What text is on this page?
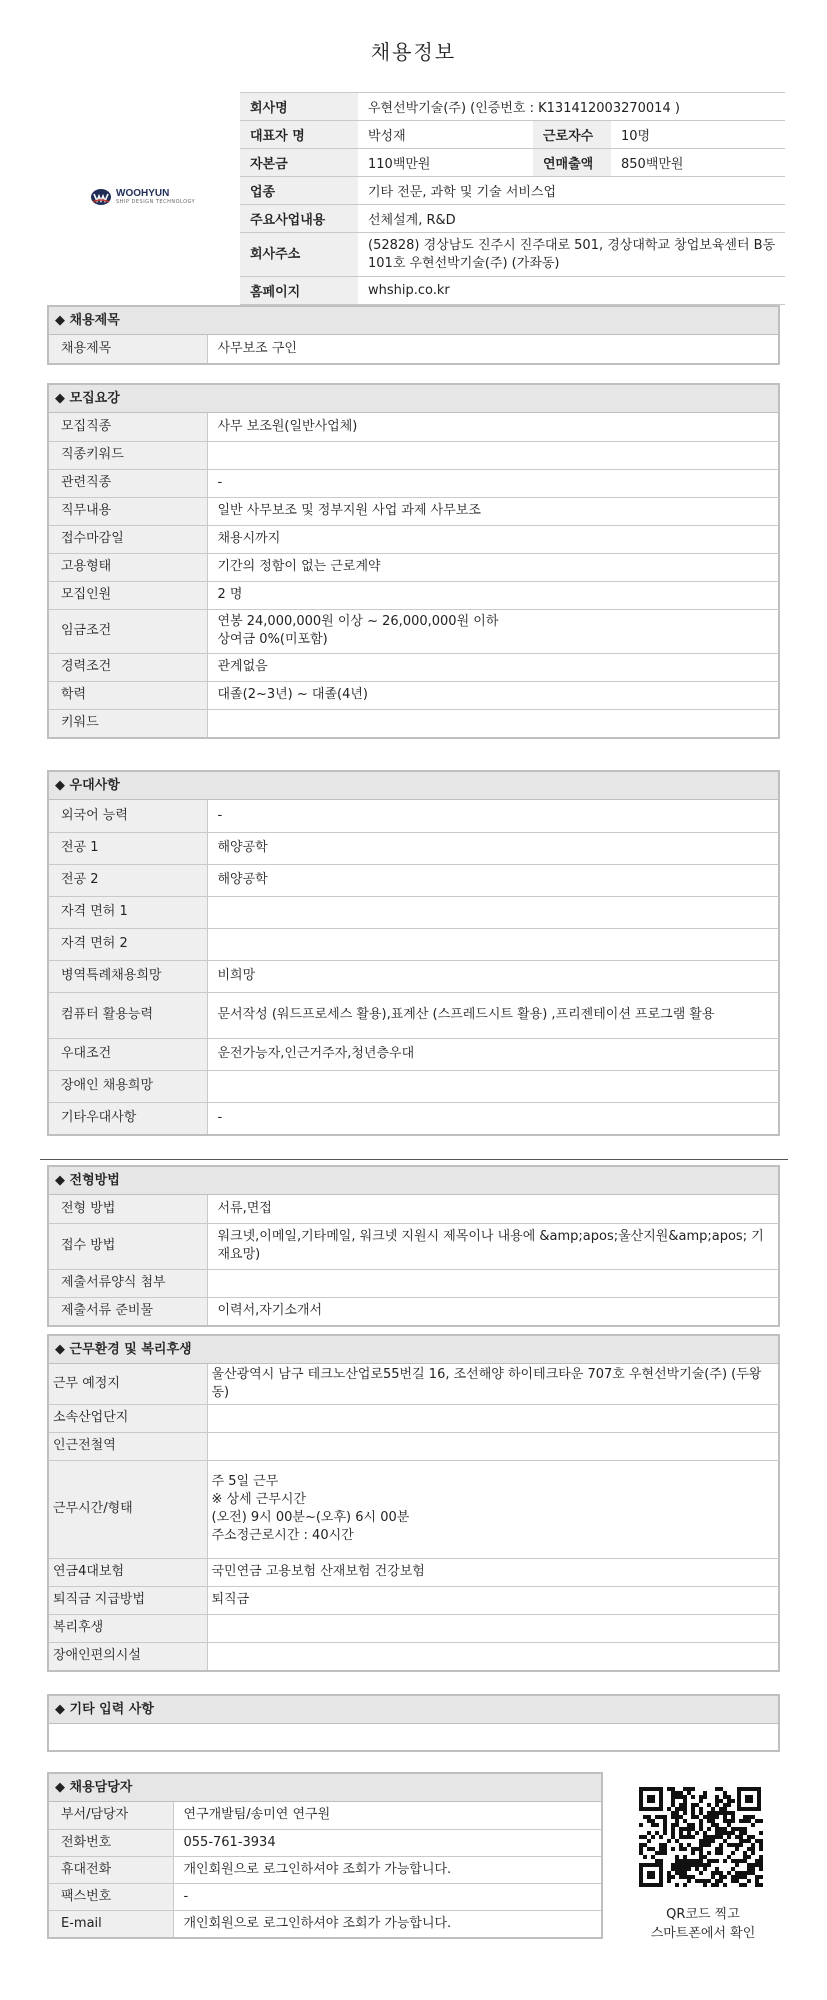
채용정보
WOOHYUN
SHIP DESIGN TECHNOLOGY
회사명	우현선박기술(주) (인증번호 : K131412003270014 )		
대표자 명	박성재	근로자수	10명
자본금	110백만원	연매출액	850백만원
업종	기타 전문, 과학 및 기술 서비스업		
주요사업내용	선체설계, R&D		
회사주소	(52828) 경상남도 진주시 진주대로 501, 경상대학교 창업보육센터 B동 101호 우현선박기술(주) (가좌동)		
홈페이지	whship.co.kr		
◆ 채용제목
채용제목	사무보조 구인
◆ 모집요강
모집직종	사무 보조원(일반사업체)
직종키워드	
관련직종	-
직무내용	일반 사무보조 및 정부지원 사업 과제 사무보조
접수마감일	채용시까지
고용형태	기간의 정함이 없는 근로계약
모집인원	2 명
임금조건	연봉 24,000,000원 이상 ~ 26,000,000원 이하
상여금 0%(미포함)

경력조건	관계없음
학력	대졸(2~3년) ~ 대졸(4년)
키워드	
◆ 우대사항
외국어 능력	-
전공 1	해양공학
전공 2	해양공학
자격 면허 1	
자격 면허 2	
병역특례채용희망	비희망
컴퓨터 활용능력	문서작성 (워드프로세스 활용),표계산 (스프레드시트 활용) ,프리젠테이션 프로그램 활용
우대조건	운전가능자,인근거주자,청년층우대
장애인 채용희망	
기타우대사항	-
◆ 전형방법
전형 방법	서류,면접
접수 방법	워크넷,이메일,기타메일, 워크넷 지원시 제목이나 내용에 &amp;apos;울산지원&amp;apos; 기재요망)
제출서류양식 첨부	
제출서류 준비물	이력서,자기소개서
◆ 근무환경 및 복리후생
근무 예정지	울산광역시 남구 테크노산업로55번길 16, 조선해양 하이테크타운 707호 우현선박기술(주) (두왕동)
소속산업단지	
인근전철역	
근무시간/형태	주 5일 근무
※ 상세 근무시간
(오전) 9시 00분~(오후) 6시 00분
주소정근로시간 : 40시간

연금4대보험	국민연금 고용보험 산재보험 건강보험
퇴직금 지급방법	퇴직금
복리후생	
장애인편의시설	
◆ 기타 입력 사항
◆ 채용담당자
부서/담당자	연구개발팀/송미연 연구원
전화번호	055-761-3934
휴대전화	개인회원으로 로그인하셔야 조회가 가능합니다.
팩스번호	-
E-mail	개인회원으로 로그인하셔야 조회가 가능합니다.
QR코드 찍고
스마트폰에서 확인
